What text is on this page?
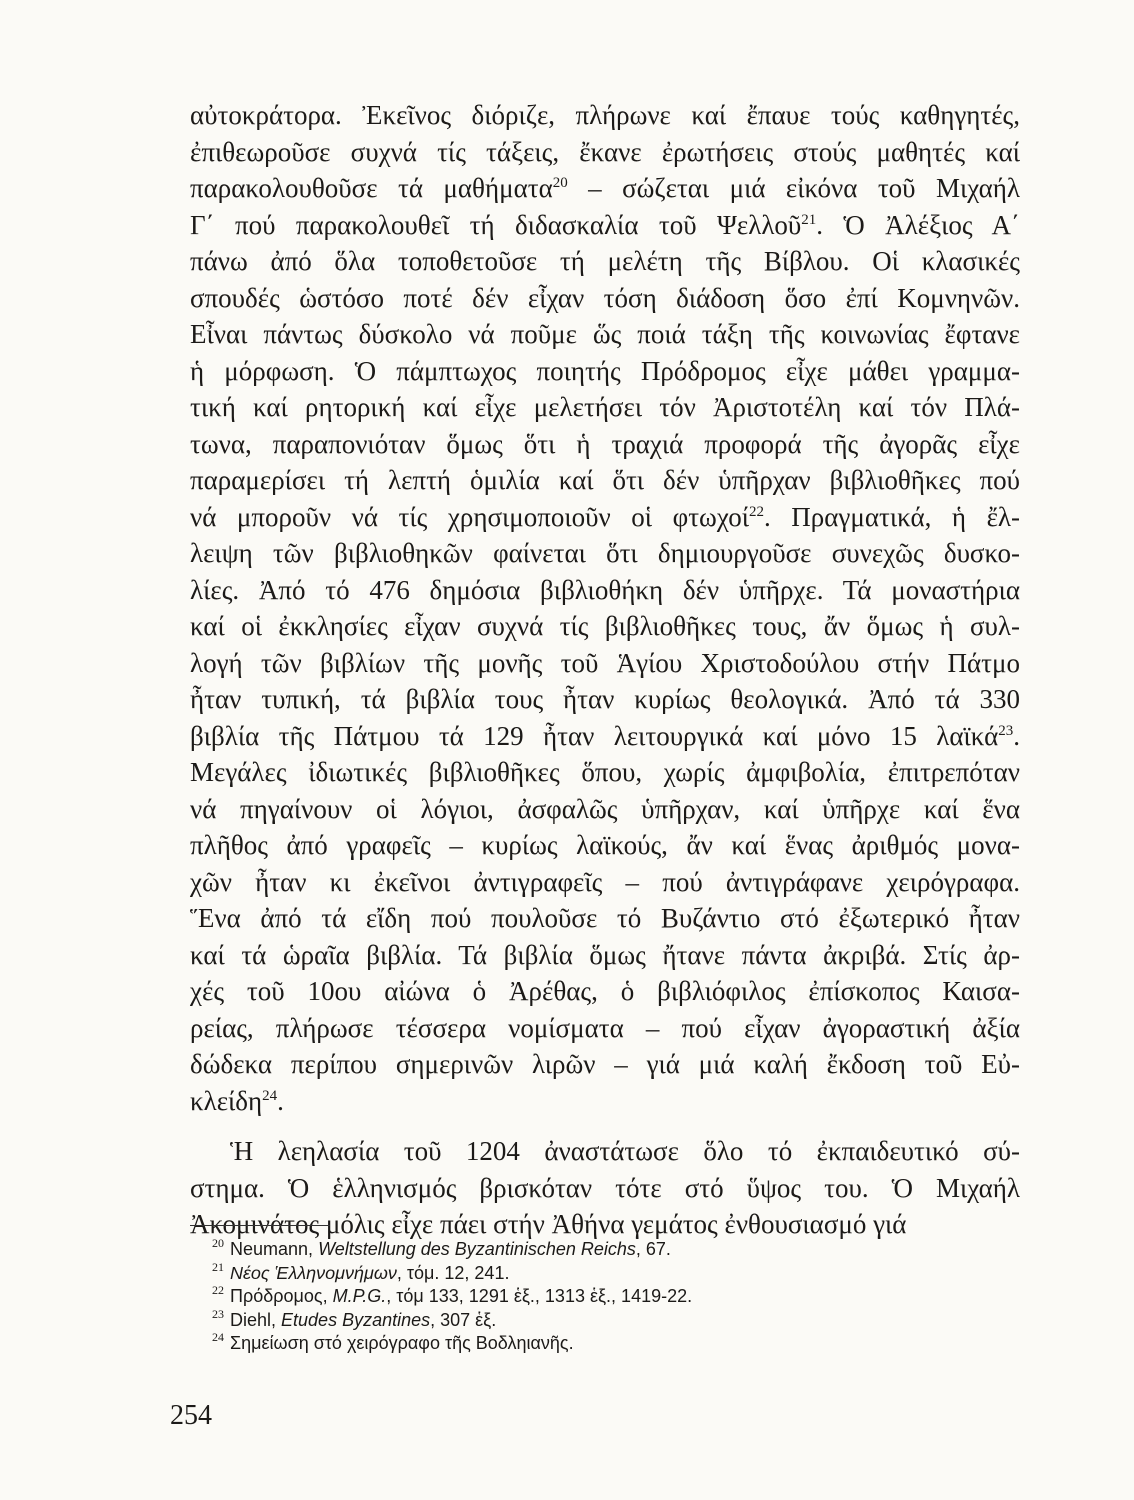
αὐτοκράτορα. Ἐκεῖνος διόριζε, πλήρωνε καί ἔπαυε τούς καθηγητές,
ἐπιθεωροῦσε συχνά τίς τάξεις, ἔκανε ἐρωτήσεις στούς μαθητές καί
παρακολουθοῦσε τά μαθήματα$^{20}$ – σώζεται μιά εἰκόνα τοῦ Μιχαήλ
Γ΄ πού παρακολουθεῖ τή διδασκαλία τοῦ Ψελλοῦ$^{21}$. Ὁ Ἀλέξιος Α΄
πάνω ἀπό ὅλα τοποθετοῦσε τή μελέτη τῆς Βίβλου. Οἱ κλασικές
σπουδές ὡστόσο ποτέ δέν εἶχαν τόση διάδοση ὅσο ἐπί Κομνηνῶν.
Εἶναι πάντως δύσκολο νά ποῦμε ὥς ποιά τάξη τῆς κοινωνίας ἔφτανε
ἡ μόρφωση. Ὁ πάμπτωχος ποιητής Πρόδρομος εἶχε μάθει γραμμα-
τική καί ρητορική καί εἶχε μελετήσει τόν Ἀριστοτέλη καί τόν Πλά-
τωνα, παραπονιόταν ὅμως ὅτι ἡ τραχιά προφορά τῆς ἀγορᾶς εἶχε
παραμερίσει τή λεπτή ὁμιλία καί ὅτι δέν ὑπῆρχαν βιβλιοθῆκες πού
νά μποροῦν νά τίς χρησιμοποιοῦν οἱ φτωχοί$^{22}$. Πραγματικά, ἡ ἔλ-
λειψη τῶν βιβλιοθηκῶν φαίνεται ὅτι δημιουργοῦσε συνεχῶς δυσκο-
λίες. Ἀπό τό 476 δημόσια βιβλιοθήκη δέν ὑπῆρχε. Τά μοναστήρια
καί οἱ ἐκκλησίες εἶχαν συχνά τίς βιβλιοθῆκες τους, ἄν ὅμως ἡ συλ-
λογή τῶν βιβλίων τῆς μονῆς τοῦ Ἁγίου Χριστοδούλου στήν Πάτμο
ἦταν τυπική, τά βιβλία τους ἦταν κυρίως θεολογικά. Ἀπό τά 330
βιβλία τῆς Πάτμου τά 129 ἦταν λειτουργικά καί μόνο 15 λαϊκά$^{23}$.
Μεγάλες ἰδιωτικές βιβλιοθῆκες ὅπου, χωρίς ἀμφιβολία, ἐπιτρεπόταν
νά πηγαίνουν οἱ λόγιοι, ἀσφαλῶς ὑπῆρχαν, καί ὑπῆρχε καί ἕνα
πλῆθος ἀπό γραφεῖς – κυρίως λαϊκούς, ἄν καί ἕνας ἀριθμός μονα-
χῶν ἦταν κι ἐκεῖνοι ἀντιγραφεῖς – πού ἀντιγράφανε χειρόγραφα.
Ἕνα ἀπό τά εἴδη πού πουλοῦσε τό Βυζάντιο στό ἐξωτερικό ἦταν
καί τά ὡραῖα βιβλία. Τά βιβλία ὅμως ἤτανε πάντα ἀκριβά. Στίς ἀρ-
χές τοῦ 10ου αἰώνα ὁ Ἀρέθας, ὁ βιβλιόφιλος ἐπίσκοπος Καισα-
ρείας, πλήρωσε τέσσερα νομίσματα – πού εἶχαν ἀγοραστική ἀξία
δώδεκα περίπου σημερινῶν λιρῶν – γιά μιά καλή ἔκδοση τοῦ Εὐ-
κλείδη$^{24}$.
Ἡ λεηλασία τοῦ 1204 ἀναστάτωσε ὅλο τό ἐκπαιδευτικό σύ-
στημα. Ὁ ἑλληνισμός βρισκόταν τότε στό ὕψος του. Ὁ Μιχαήλ
Ἀκομινάτος μόλις εἶχε πάει στήν Ἀθήνα γεμάτος ἐνθουσιασμό γιά
$^{20}$ Neumann, Weltstellung des Byzantinischen Reichs, 67.
$^{21}$ Νέος Ἑλληνομνήμων, τόμ. 12, 241.
$^{22}$ Πρόδρομος, M.P.G., τόμ 133, 1291 ἑξ., 1313 ἑξ., 1419-22.
$^{23}$ Diehl, Etudes Byzantines, 307 ἑξ.
$^{24}$ Σημείωση στό χειρόγραφο τῆς Βοδληιανῆς.
254
